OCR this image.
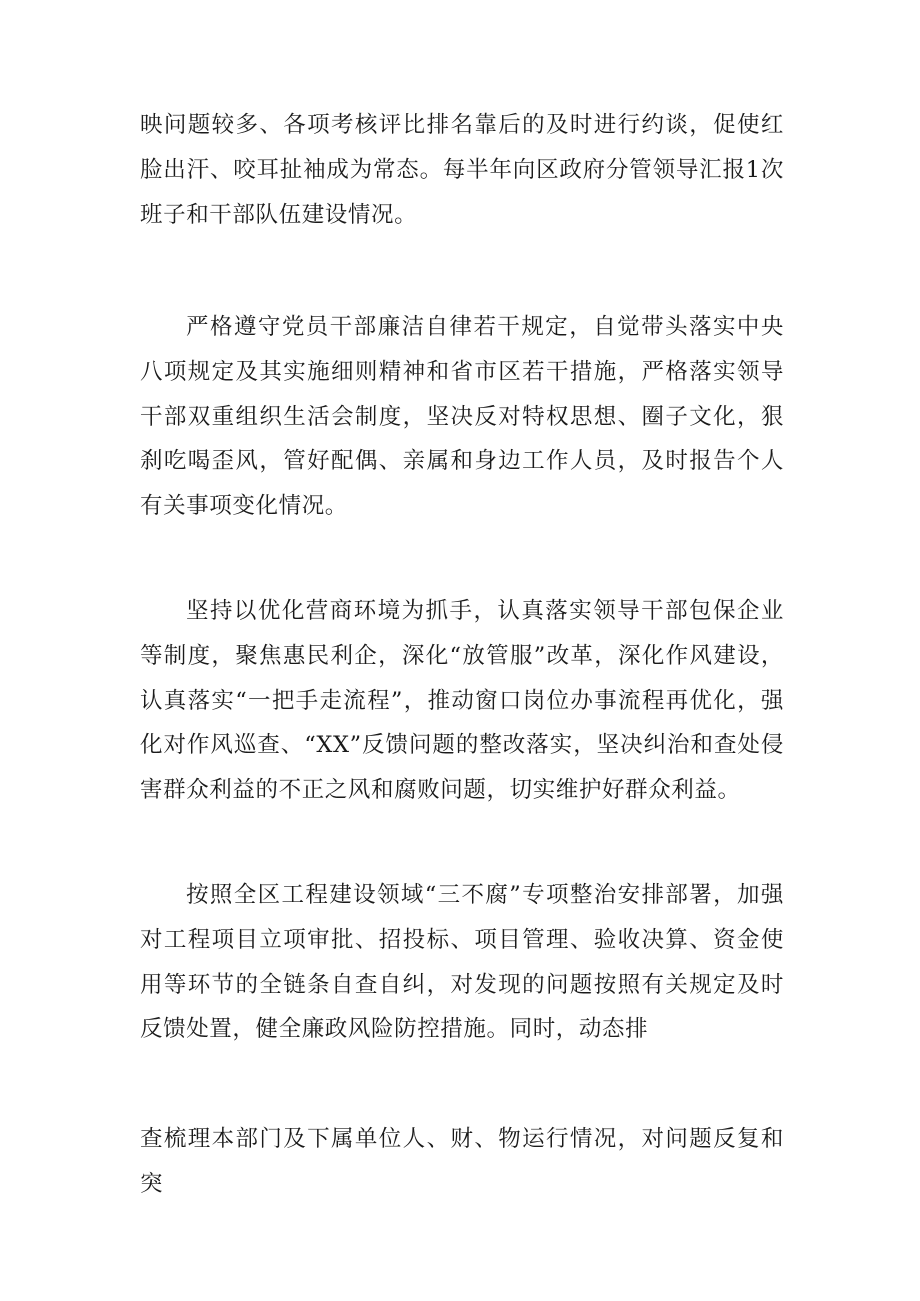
映问题较多、各项考核评比排名靠后的及时进行约谈，促使红脸出汗、咬耳扯袖成为常态。每半年向区政府分管领导汇报1次班子和干部队伍建设情况。

严格遵守党员干部廉洁自律若干规定，自觉带头落实中央八项规定及其实施细则精神和省市区若干措施，严格落实领导干部双重组织生活会制度，坚决反对特权思想、圈子文化，狠刹吃喝歪风，管好配偶、亲属和身边工作人员，及时报告个人有关事项变化情况。

坚持以优化营商环境为抓手，认真落实领导干部包保企业等制度，聚焦惠民利企，深化“放管服”改革，深化作风建设，认真落实“一把手走流程”，推动窗口岗位办事流程再优化，强化对作风巡查、“XX”反馈问题的整改落实，坚决纠治和查处侵害群众利益的不正之风和腐败问题，切实维护好群众利益。

按照全区工程建设领域“三不腐”专项整治安排部署，加强对工程项目立项审批、招投标、项目管理、验收决算、资金使用等环节的全链条自查自纠，对发现的问题按照有关规定及时反馈处置，健全廉政风险防控措施。同时，动态排

查梳理本部门及下属单位人、财、物运行情况，对问题反复和突
